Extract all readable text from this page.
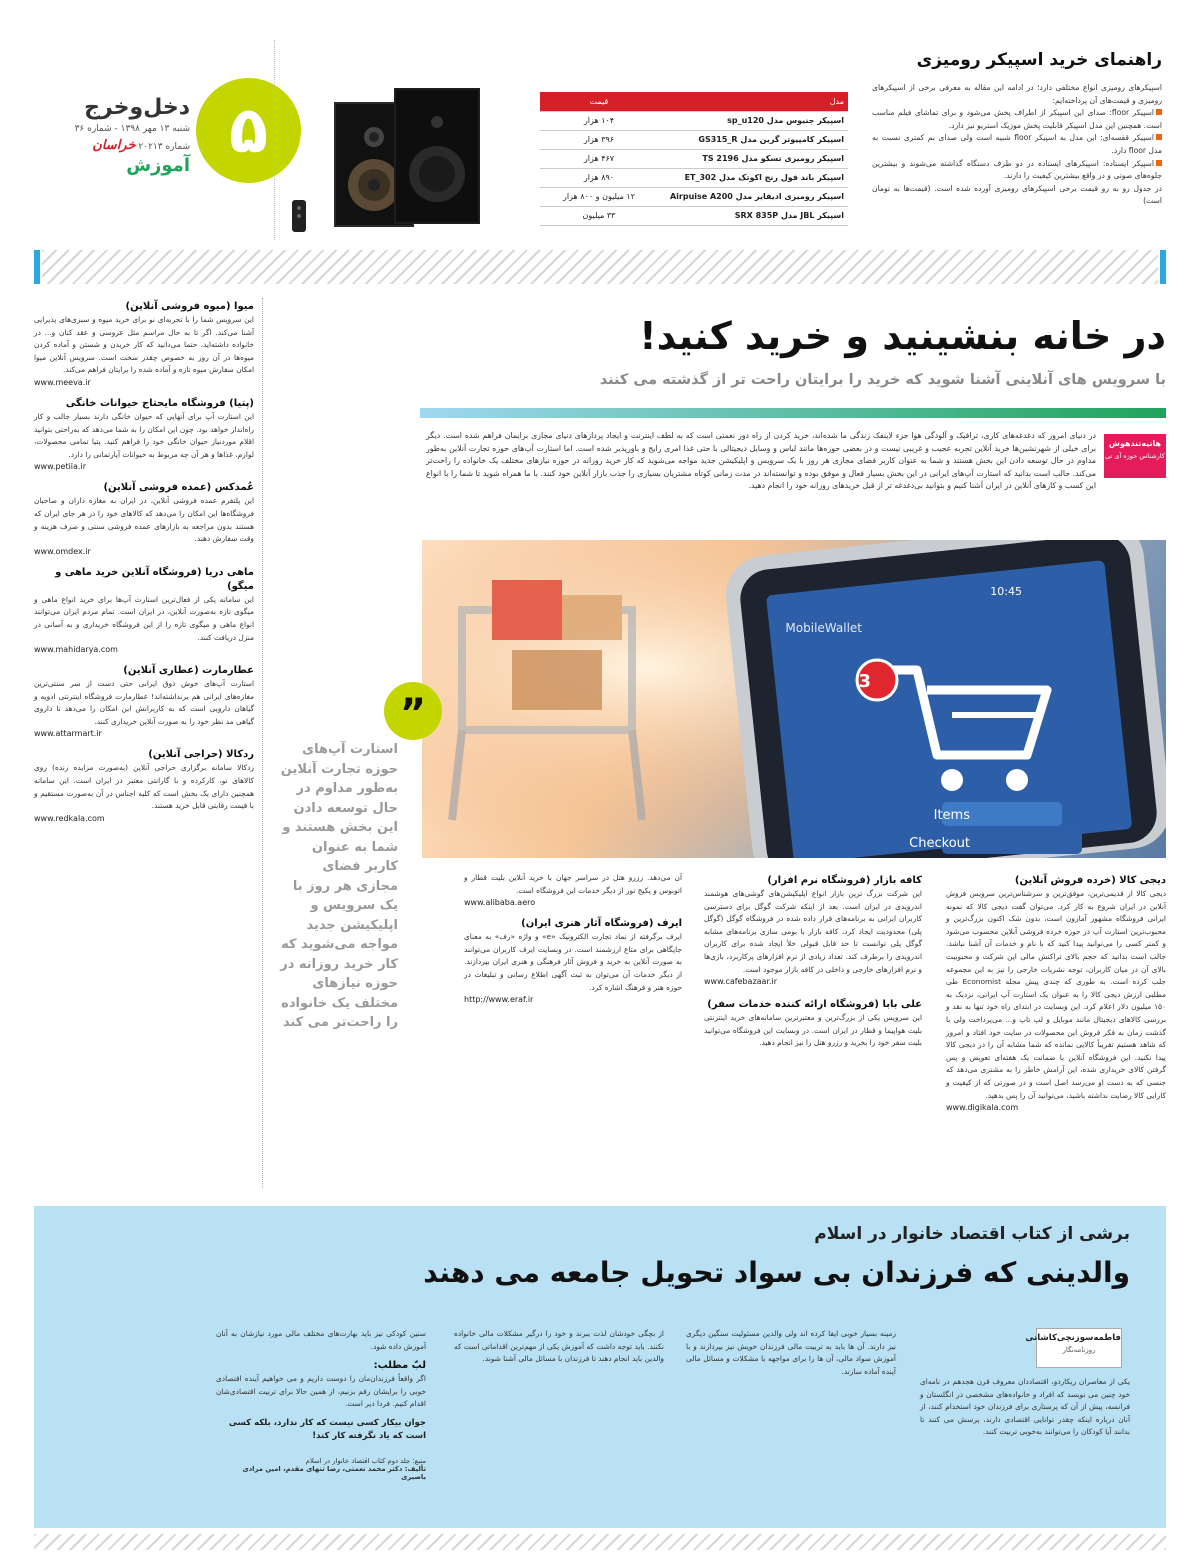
۵
دخل‌وخرج
شنبه ۱۳ مهر ۱۳۹۸ - شماره ۳۶
شماره ۲۰۲۱۳ خراسان
آموزش
راهنمای خرید اسپیکر رومیزی
اسپیکرهای رومیزی انواع مختلفی دارد؛ در ادامه این مقاله به معرفی برخی از اسپیکرهای رومیزی و قیمت‌های آن پرداخته‌ایم:
اسپیکر floor: صدای این اسپیکر از اطراف پخش می‌شود و برای تماشای فیلم مناسب است. همچنین این مدل اسپیکر قابلیت پخش موزیک استریو نیز دارد.
اسپیکر قفسه‌ای: این مدل به اسپیکر floor شبیه است ولی صدای بم کمتری نسبت به مدل floor دارد.
اسپیکر ایستاده: اسپیکرهای ایستاده در دو طرف دستگاه گذاشته می‌شوند و بیشترین جلوه‌های صوتی و در واقع بیشترین کیفیت را دارند.
در جدول رو به رو قیمت برخی اسپیکرهای رومیزی آورده شده است. (قیمت‌ها به تومان است)
مدل	قیمت
اسپیکر جنیوس مدل sp_u120	۱۰۴ هزار
اسپیکر کامپیوتر گرین مدل GS315_R	۳۹۶ هزار
اسپیکر رومیزی تسکو مدل TS 2196	۴۶۷ هزار
اسپیکر باند فول رنج اکوتک مدل ET_302	۸۹۰ هزار
اسپیکر رومیزی ادیفایر مدل Airpuise A200	۱۲ میلیون و ۸۰۰ هزار
اسپیکر JBL مدل SRX 835P	۳۳ میلیون
میوا (میوه فروشی آنلاین)
این سرویس شما را با تجربه‌ای نو برای خرید میوه و سبزی‌های پذیرایی آشنا می‌کند. اگر تا به حال مراسم مثل عروسی و عقد کنان و... در خانواده داشته‌اید، حتما می‌دانید که کار خریدن و شستن و آماده کردن میوه‌ها در آن روز به خصوص چقدر سخت است. سرویس آنلاین میوا امکان سفارش میوه تازه و آماده شده را برایتان فراهم می‌کند.
www.meeva.ir
(پتیا) فروشگاه مایحتاج حیوانات خانگی
این استارت آپ برای آنهایی که حیوان خانگی دارند بسیار جالب و کار راه‌انداز خواهد بود. چون این امکان را به شما می‌دهد که به‌راحتی بتوانید اقلام موردنیاز حیوان خانگی خود را فراهم کنید. پتیا تمامی محصولات، لوازم، غذاها و هر آن چه مربوط به حیوانات آپارتمانی را دارد.
www.petiia.ir
عُمدکس (عمده فروشی آنلاین)
این پلتفرم عمده فروشی آنلاین، در ایران به مغازه داران و صاحبان فروشگاه‌ها این امکان را می‌دهد که کالاهای خود را در هر جای ایران که هستند بدون مراجعه به بازارهای عمده فروشی سنتی و صرف هزینه و وقت سفارش دهند.
www.omdex.ir
ماهی دریا (فروشگاه آنلاین خرید ماهی و میگو)
این سامانه یکی از فعال‌ترین استارت آپ‌ها برای خرید انواع ماهی و میگوی تازه به‌صورت آنلاین، در ایران است. تمام مردم ایران می‌توانند انواع ماهی و میگوی تازه را از این فروشگاه خریداری و به آسانی در منزل دریافت کنند.
www.mahidarya.com
عطارمارت (عطاری آنلاین)
استارت آپ‌های خوش ذوق ایرانی حتی دست از سر سنتی‌ترین مغازه‌های ایرانی هم برنداشته‌اند! عطارمارت فروشگاه اینترنتی ادویه و گیاهان دارویی است که به کاربرانش این امکان را می‌دهد تا داروی گیاهی مد نظر خود را به صورت آنلاین خریداری کنند.
www.attarmart.ir
ردکالا (حراجی آنلاین)
ردکالا سامانه برگزاری حراجی آنلاین (به‌صورت مزایده زنده) روی کالاهای نو، کارکرده و با گارانتی معتبر در ایران است. این سامانه همچنین دارای یک بخش است که کلیه اجناس در آن به‌صورت مستقیم و با قیمت رقابتی قابل خرید هستند.
www.redkala.com
در خانه بنشینید و خرید کنید!
با سرویس های آنلاینی آشنا شوید که خرید را برایتان راحت تر از گذشته می کنند
هانیه‌تندهوش
کارشناس حوزه آی تی
در دنیای امروز که دغدغه‌های کاری، ترافیک و آلودگی هوا جزء لاینفک زندگی ما شده‌اند، خرید کردن از راه دور نعمتی است که به لطف اینترنت و ایجاد پردازهای دنیای مجازی برایمان فراهم شده است. دیگر برای خیلی از شهرنشین‌ها خرید آنلاین تجربه عجیب و غریبی نیست و در بعضی حوزه‌ها مانند لباس و وسایل دیجیتالی با حتی غذا امری رایج و باورپذیر شده است. اما استارت آپ‌های حوزه تجارت آنلاین به‌طور مداوم در حال توسعه دادن این بخش هستند و شما به عنوان کاربر فضای مجازی هر روز با یک سرویس و اپلیکیشن جدید مواجه می‌شوید که کار خرید روزانه در حوزه نیازهای مختلف یک خانواده را راحت‌تر می‌کند. جالب است بدانید که استارت آپ‌های ایرانی در این بخش بسیار فعال و موفق بوده و توانسته‌اند در مدت زمانی کوتاه مشتریان بسیاری را جذب بازار آنلاین خود کنند. با ما همراه شوید تا شما را با انواع این کسب و کارهای آنلاین در ایران آشنا کنیم و بتوانید بی‌دغدغه تر از قبل خریدهای روزانه خود را انجام دهید.
10:45
MobileWallet
3
Items
Checkout
”
استارت آپ‌های حوزه تجارت آنلاین به‌طور مداوم در حال توسعه دادن این بخش هستند و شما به عنوان کاربر فضای مجازی هر روز با یک سرویس و اپلیکیشن جدید مواجه می‌شوید که کار خرید روزانه در حوزه نیازهای مختلف یک خانواده را راحت‌تر می کند
دیجی کالا (خرده فروش آنلاین)
دیجی کالا از قدیمی‌ترین، موفق‌ترین و سرشناس‌ترین سرویس فروش آنلاین در ایران شروع به کار کرد. می‌توان گفت دیجی کالا که نمونه ایرانی فروشگاه مشهور آمازون است، بدون شک اکنون بزرگ‌ترین و محبوب‌ترین استارت آپ در حوزه خرده فروشی آنلاین محسوب می‌شود و کمتر کسی را می‌توانید پیدا کنید که با نام و خدمات آن آشنا نباشد. جالب است بدانید که حجم بالای تراکنش مالی این شرکت و محبوبیت بالای آن در میان کاربران، توجه نشریات خارجی را نیز به این مجموعه جلب کرده است. به طوری که چندی پیش مجله Economist طی مطلبی ارزش دیجی کالا را به عنوان یک استارت آپ ایرانی، نزدیک به ۱۵۰ میلیون دلار اعلام کرد. این وبسایت در ابتدای راه خود تنها به نقد و بررسی کالاهای دیجیتال مانند موبایل و لپ تاپ و... می‌پرداخت ولی با گذشت زمان به فکر فروش این محصولات در سایت خود افتاد و امروز که شاهد هستیم تقریباً کالایی نمانده که شما مشابه آن را در دیجی کالا پیدا نکنید. این فروشگاه آنلاین با ضمانت یک هفته‌ای تعویض و پس گرفتن کالای خریداری شده، این آرامش خاطر را به مشتری می‌دهد که جنسی که به دست او می‌رسد اصل است و در صورتی که از کیفیت و کارایی کالا رضایت نداشته باشید، می‌توانید آن را پس بدهید.
www.digikala.com
کافه بازار (فروشگاه نرم افزار)
این شرکت بزرگ ترین بازار انواع اپلیکیشن‌های گوشی‌های هوشمند اندرویدی در ایران است. بعد از اینکه شرکت گوگل برای دسترسی کاربران ایرانی به برنامه‌های قرار داده شده در فروشگاه گوگل (گوگل پلی) محدودیت ایجاد کرد، کافه بازار با بومی سازی برنامه‌های مشابه گوگل پلی توانست تا حد قابل قبولی خلأ ایجاد شده برای کاربران اندرویدی را برطرف کند. تعداد زیادی از نرم افزارهای پرکاربرد، بازی‌ها و نرم افزارهای خارجی و داخلی در کافه بازار موجود است.
www.cafebazaar.ir
علی بابا (فروشگاه ارائه کننده خدمات سفر)
این سرویس یکی از بزرگ‌ترین و معتبرترین سامانه‌های خرید اینترنتی بلیت هواپیما و قطار در ایران است. در وبسایت این فروشگاه می‌توانید بلیت سفر خود را بخرید و رزرو هتل را نیز انجام دهید.
آن می‌دهد. رزرو هتل در سراسر جهان با خرید آنلاین بلیت قطار و اتوبوس و پکیج تور از دیگر خدمات این فروشگاه است.
www.alibaba.aero
ایرف (فروشگاه آثار هنری ایران)
ایرف برگرفته از نماد تجارت الکترونیک «e» و واژه «رف» به معنای جایگاهی برای متاع ارزشمند است. در وبسایت ایرف کاربران می‌توانند به صورت آنلاین به خرید و فروش آثار فرهنگی و هنری ایران بپردازند. از دیگر خدمات آن می‌توان به ثبت آگهی اطلاع رسانی و تبلیغات در حوزه هنر و فرهنگ اشاره کرد.
http://www.eraf.ir
برشی از کتاب اقتصاد خانوار در اسلام
والدینی که فرزندان بی سواد تحویل جامعه می دهند
فاطمه‌سوزنچی‌کاشانی
روزنامه‌نگار
یکی از معاصران ریکاردو، اقتصاددان معروف قرن هجدهم در نامه‌ای خود چنین می نویسد که افراد و خانواده‌های مشخصی در انگلستان و فرانسه، پیش از آن که پرستاری برای فرزندان خود استخدام کنند، از آنان درباره اینکه چقدر توانایی اقتصادی دارند، پرسش می کنند تا بدانند آیا کودکان را می‌توانند به‌خوبی تربیت کنند.
زمینه بسیار خوبی ایفا کرده اند ولی والدین مسئولیت سنگین دیگری نیز دارند. آن ها باید به تربیت مالی فرزندان خویش نیز بپردازند و با آموزش سواد مالی، آن ها را برای مواجهه با مشکلات و مسائل مالی آینده آماده سازند.
از بچگی خودشان لذت ببرند و خود را درگیر مشکلات مالی خانواده نکنند. باید توجه داشت که آموزش یکی از مهم‌ترین اقداماتی است که والدین باید انجام دهند تا فرزندان با مسائل مالی آشنا شوند.
سنین کودکی نیز باید بهارت‌های مختلف مالی مورد نیازشان به آنان آموزش داده شود.
لبّ مطلب:
اگر واقعاً فرزندان‌مان را دوست داریم و می خواهیم آینده اقتصادی خوبی را برایشان رقم بزنیم، از همین حالا برای تربیت اقتصادی‌شان اقدام کنیم. فردا دیر است.
جوان بیکار کسی نیست که کار ندارد، بلکه کسی است که یاد نگرفته کار کند!
منبع: جلد دوم کتاب اقتصاد خانوار در اسلام
تألیف: دکتر محمد نعمتی، رضا تنهای مقدم، امین مرادی باصیری
